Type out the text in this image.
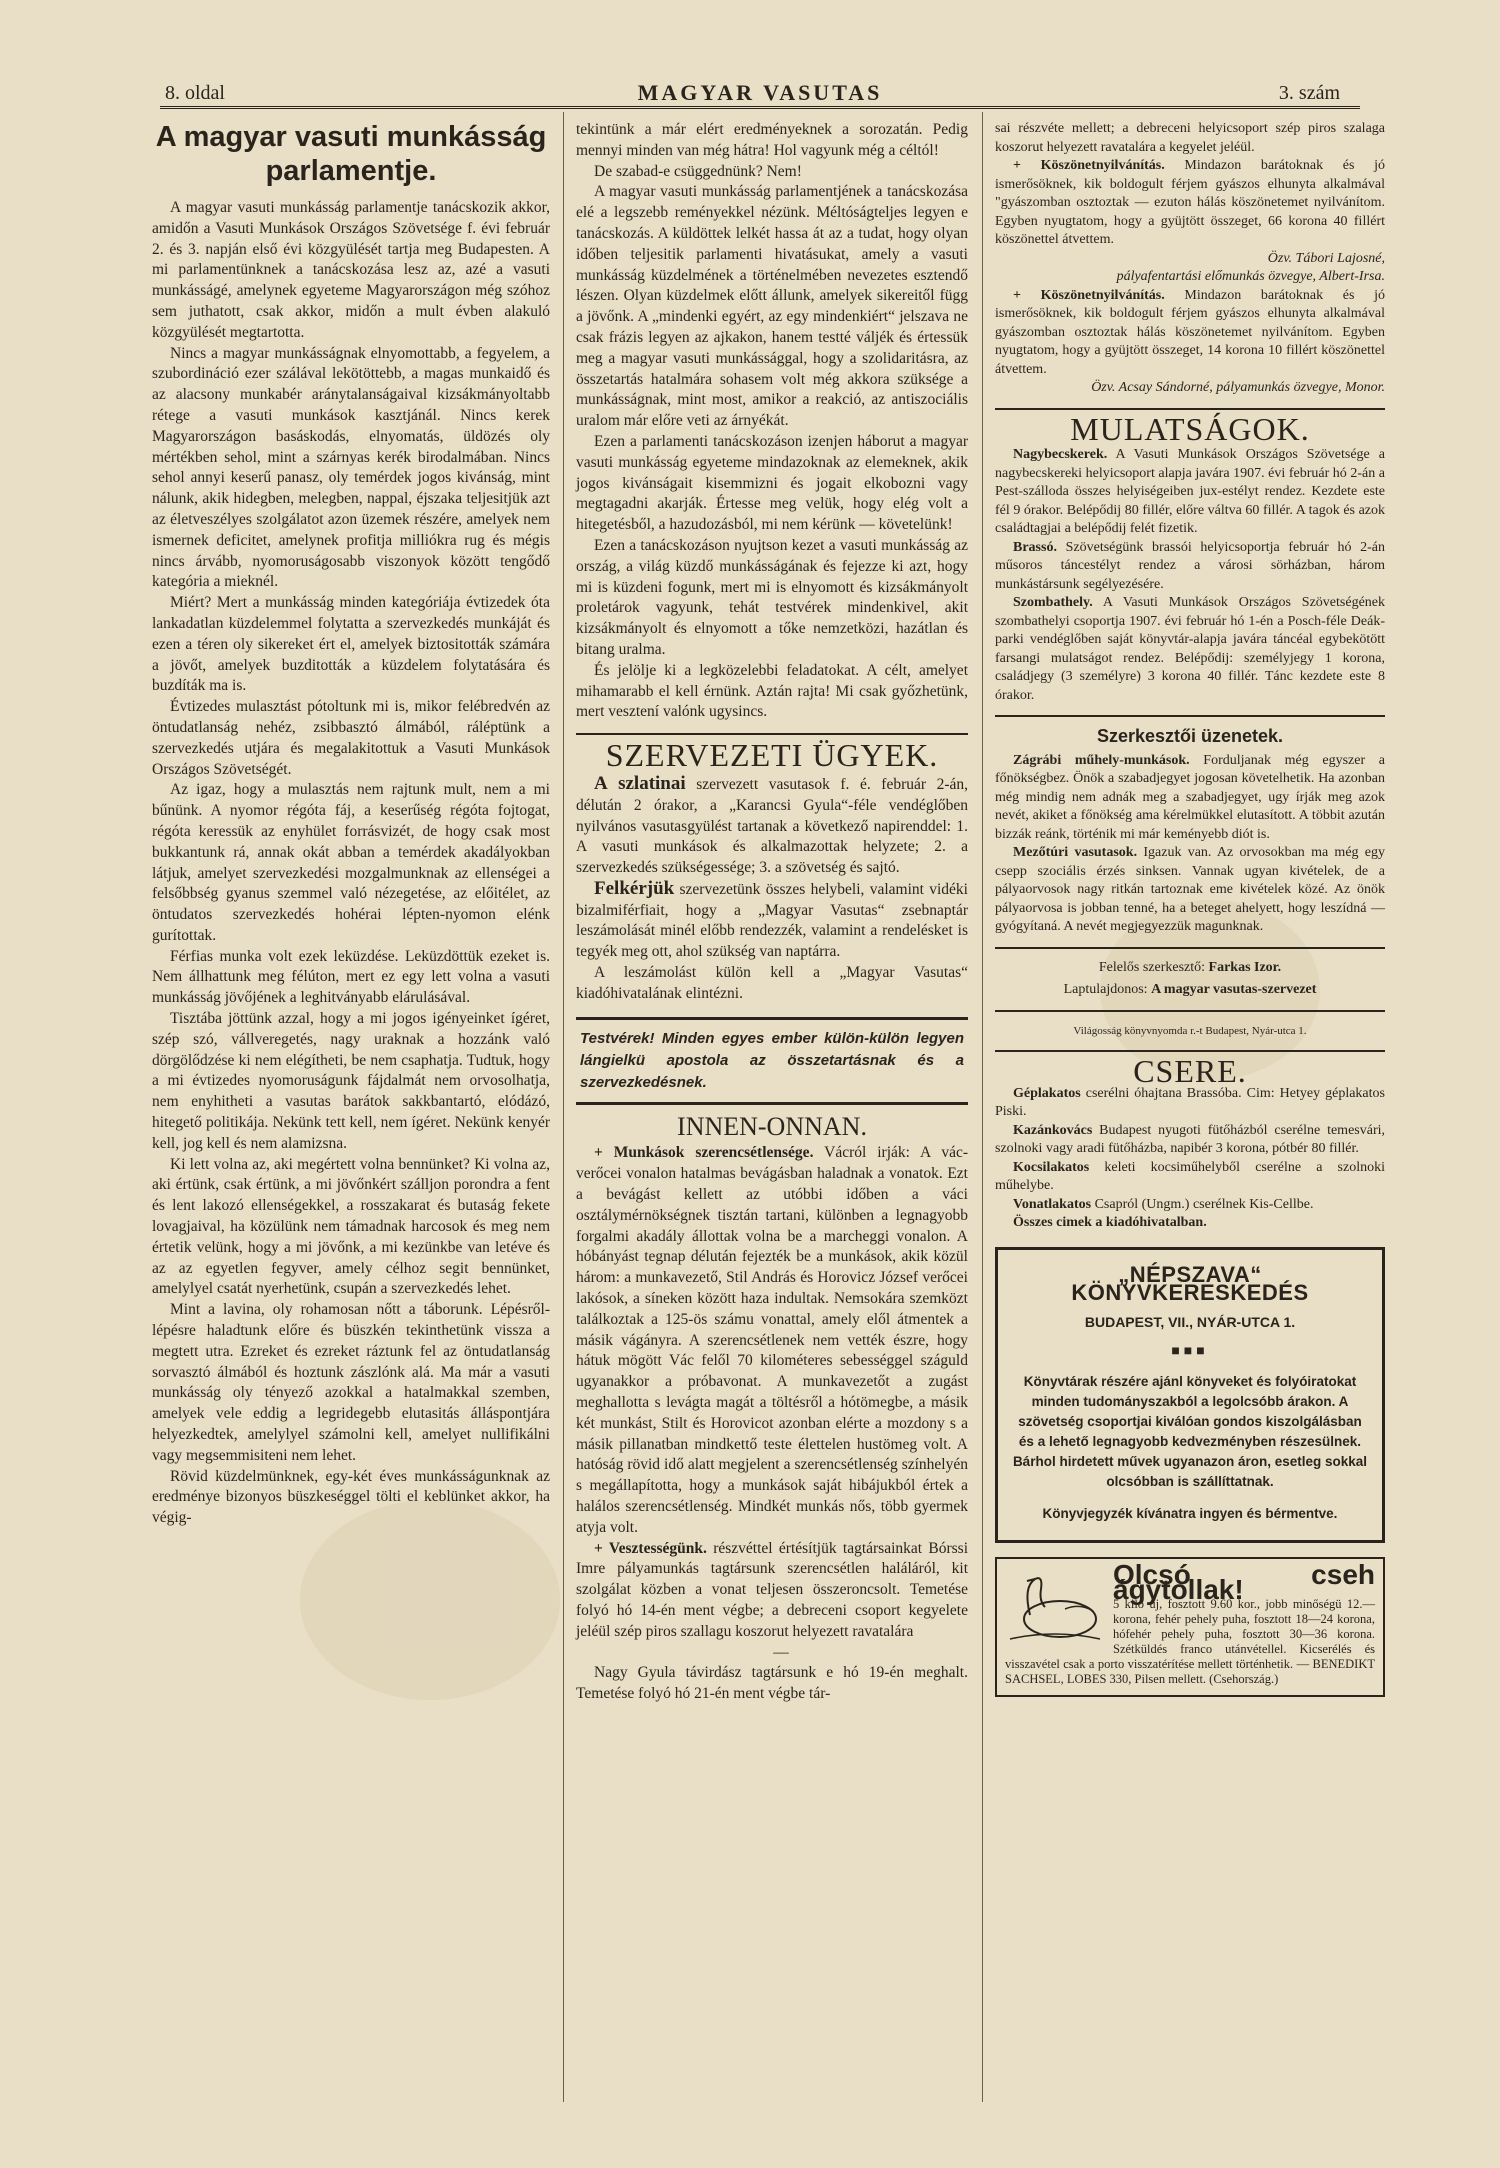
8. oldal	MAGYAR VASUTAS	3. szám
A magyar vasuti munkásság parlamentje.

A magyar vasuti munkásság parlamentje tanácskozik akkor, amidőn a Vasuti Munkások Országos Szövetsége f. évi február 2. és 3. napján első évi közgyülését tartja meg Budapesten. A mi parlamentünknek a tanácskozása lesz az, azé a vasuti munkásságé, amelynek egyeteme Magyarországon még szóhoz sem juthatott, csak akkor, midőn a mult évben alakuló közgyülését megtartotta.

Nincs a magyar munkásságnak elnyomottabb, a fegyelem, a szubordináció ezer szálával lekötöttebb, a magas munkaidő és az alacsony munkabér aránytalanságaival kizsákmányoltabb rétege a vasuti munkások kasztjánál. Nincs kerek Magyarországon basáskodás, elnyomatás, üldözés oly mértékben sehol, mint a szárnyas kerék birodalmában. Nincs sehol annyi keserű panasz, oly temérdek jogos kivánság, mint nálunk, akik hidegben, melegben, nappal, éjszaka teljesitjük azt az életveszélyes szolgálatot azon üzemek részére, amelyek nem ismernek deficitet, amelynek profitja milliókra rug és mégis nincs árvább, nyomoruságosabb viszonyok között tengődő kategória a mieknél.

Miért? Mert a munkásság minden kategóriája évtizedek óta lankadatlan küzdelemmel folytatta a szervezkedés munkáját és ezen a téren oly sikereket ért el, amelyek biztositották számára a jövőt, amelyek buzditották a küzdelem folytatására és buzdíták ma is.

Évtizedes mulasztást pótoltunk mi is, mikor felébredvén az öntudatlanság nehéz, zsibbasztó álmából, ráléptünk a szervezkedés utjára és megalakitottuk a Vasuti Munkások Országos Szövetségét.

Az igaz, hogy a mulasztás nem rajtunk mult, nem a mi bűnünk. A nyomor régóta fáj, a keserűség régóta fojtogat, régóta keressük az enyhület forrásvizét, de hogy csak most bukkantunk rá, annak okát abban a temérdek akadályokban látjuk, amelyet szervezkedési mozgalmunknak az ellenségei a felsőbbség gyanus szemmel való nézegetése, az előitélet, az öntudatos szervezkedés hohérai lépten-nyomon elénk gurítottak.

Férfias munka volt ezek leküzdése. Leküzdöttük ezeket is. Nem állhattunk meg félúton, mert ez egy lett volna a vasuti munkásság jövőjének a leghitványabb elárulásával.

Tisztába jöttünk azzal, hogy a mi jogos igényeinket ígéret, szép szó, vállveregetés, nagy uraknak a hozzánk való dörgölődzése ki nem elégítheti, be nem csaphatja. Tudtuk, hogy a mi évtizedes nyomoruságunk fájdalmát nem orvosolhatja, nem enyhitheti a vasutas barátok sakkbantartó, elódázó, hitegető politikája. Nekünk tett kell, nem ígéret. Nekünk kenyér kell, jog kell és nem alamizsna.

Ki lett volna az, aki megértett volna bennünket? Ki volna az, aki értünk, csak értünk, a mi jövőnkért szálljon porondra a fent és lent lakozó ellenségekkel, a rosszakarat és butaság fekete lovagjaival, ha közülünk nem támadnak harcosok és meg nem értetik velünk, hogy a mi jövőnk, a mi kezünkbe van letéve és az az egyetlen fegyver, amely célhoz segit bennünket, amelylyel csatát nyerhetünk, csupán a szervezkedés lehet.

Mint a lavina, oly rohamosan nőtt a táborunk. Lépésről-lépésre haladtunk előre és büszkén tekinthetünk vissza a megtett utra. Ezreket és ezreket ráztunk fel az öntudatlanság sorvasztó álmából és hoztunk zászlónk alá. Ma már a vasuti munkásság oly tényező azokkal a hatalmakkal szemben, amelyek vele eddig a legridegebb elutasitás álláspontjára helyezkedtek, amelylyel számolni kell, amelyet nullifikálni vagy megsemmisiteni nem lehet.

Rövid küzdelmünknek, egy-két éves munkásságunknak az eredménye bizonyos büszkeséggel tölti el keblünket akkor, ha végig-

tekintünk a már elért eredményeknek a sorozatán. Pedig mennyi minden van még hátra! Hol vagyunk még a céltól!

De szabad-e csüggednünk? Nem!

A magyar vasuti munkásság parlamentjének a tanácskozása elé a legszebb reményekkel nézünk. Méltóságteljes legyen e tanácskozás. A küldöttek lelkét hassa át az a tudat, hogy olyan időben teljesitik parlamenti hivatásukat, amely a vasuti munkásság küzdelmének a történelmében nevezetes esztendő lészen. Olyan küzdelmek előtt állunk, amelyek sikereitől függ a jövőnk. A „mindenki egyért, az egy mindenkiért“ jelszava ne csak frázis legyen az ajkakon, hanem testté váljék és értessük meg a magyar vasuti munkássággal, hogy a szolidaritásra, az összetartás hatalmára sohasem volt még akkora szüksége a munkásságnak, mint most, amikor a reakció, az antiszociális uralom már előre veti az árnyékát.

Ezen a parlamenti tanácskozáson izenjen háborut a magyar vasuti munkásság egyeteme mindazoknak az elemeknek, akik jogos kivánságait kisemmizni és jogait elkobozni vagy megtagadni akarják. Értesse meg velük, hogy elég volt a hitegetésből, a hazudozásból, mi nem kérünk — követelünk!

Ezen a tanácskozáson nyujtson kezet a vasuti munkásság az ország, a világ küzdő munkásságának és fejezze ki azt, hogy mi is küzdeni fogunk, mert mi is elnyomott és kizsákmányolt proletárok vagyunk, tehát testvérek mindenkivel, akit kizsákmányolt és elnyomott a tőke nemzetközi, hazátlan és bitang uralma.

És jelölje ki a legközelebbi feladatokat. A célt, amelyet mihamarabb el kell érnünk. Aztán rajta! Mi csak győzhetünk, mert vesztení valónk ugysincs.

SZERVEZETI ÜGYEK.

A szlatinai szervezett vasutasok f. é. február 2-án, délután 2 órakor, a „Karancsi Gyula“-féle vendéglőben nyilvános vasutasgyülést tartanak a következő napirenddel: 1. A vasuti munkások és alkalmazottak helyzete; 2. a szervezkedés szükségessége; 3. a szövetség és sajtó.

Felkérjük szervezetünk összes helybeli, valamint vidéki bizalmiférfiait, hogy a „Magyar Vasutas“ zsebnaptár leszámolását minél előbb rendezzék, valamint a rendelésket is tegyék meg ott, ahol szükség van naptárra.

A leszámolást külön kell a „Magyar Vasutas“ kiadóhivatalának elintézni.

Testvérek! Minden egyes ember külön-külön legyen lángielkü apostola az összetartásnak és a szervezkedésnek.
INNEN-ONNAN.

+ Munkások szerencsétlensége. Vácról irják: A vác-verőcei vonalon hatalmas bevágásban haladnak a vonatok. Ezt a bevágást kellett az utóbbi időben a váci osztálymérnökségnek tisztán tartani, különben a legnagyobb forgalmi akadály állottak volna be a marcheggi vonalon. A hóbányást tegnap délután fejezték be a munkások, akik közül három: a munkavezető, Stil András és Horovicz József verőcei lakósok, a síneken között haza indultak. Nemsokára szemközt találkoztak a 125-ös számu vonattal, amely elől átmentek a másik vágányra. A szerencsétlenek nem vették észre, hogy hátuk mögött Vác felől 70 kilométeres sebességgel száguld ugyanakkor a próbavonat. A munkavezetőt a zugást meghallotta s levágta magát a töltésről a hótömegbe, a másik két munkást, Stilt és Horovicot azonban elérte a mozdony s a másik pillanatban mindkettő teste élettelen hustömeg volt. A hatóság rövid idő alatt megjelent a szerencsétlenség színhelyén s megállapította, hogy a munkások saját hibájukból értek a halálos szerencsétlenség. Mindkét munkás nős, több gyermek atyja volt.

+ Vesztességünk. részvéttel értésítjük tagtársainkat Bórssi Imre pályamunkás tagtársunk szerencsétlen haláláról, kit szolgálat közben a vonat teljesen összeroncsolt. Temetése folyó hó 14-én ment végbe; a debreceni csoport kegyelete jeléül szép piros szallagu koszorut helyezett ravatalára

—

Nagy Gyula távirdász tagtársunk e hó 19-én meghalt. Temetése folyó hó 21-én ment végbe tár-

sai részvéte mellett; a debreceni helyicsoport szép piros szalaga koszorut helyezett ravatalára a kegyelet jeléül.

+ Köszönetnyilvánítás. Mindazon barátoknak és jó ismerősöknek, kik boldogult férjem gyászos elhunyta alkalmával "gyászomban osztoztak — ezuton hálás köszönetemet nyilvánítom. Egyben nyugtatom, hogy a gyüjtött összeget, 66 korona 40 fillért köszönettel átvettem.

Özv. Tábori Lajosné,
pályafentartási előmunkás özvegye, Albert-Irsa.

+ Köszönetnyilvánítás. Mindazon barátoknak és jó ismerősöknek, kik boldogult férjem gyászos elhunyta alkalmával gyászomban osztoztak hálás köszönetemet nyilvánítom. Egyben nyugtatom, hogy a gyüjtött összeget, 14 korona 10 fillért köszönettel átvettem.

Özv. Acsay Sándorné, pályamunkás özvegye, Monor.
MULATSÁGOK.

Nagybecskerek. A Vasuti Munkások Országos Szövetsége a nagybecskereki helyicsoport alapja javára 1907. évi február hó 2-án a Pest-szálloda összes helyiségeiben jux-estélyt rendez. Kezdete este fél 9 órakor. Belépődij 80 fillér, előre váltva 60 fillér. A tagok és azok családtagjai a belépődij felét fizetik.

Brassó. Szövetségünk brassói helyicsoportja február hó 2-án műsoros táncestélyt rendez a városi sörházban, három munkástársunk segélyezésére.

Szombathely. A Vasuti Munkások Országos Szövetségének szombathelyi csoportja 1907. évi február hó 1-én a Posch-féle Deák-parki vendéglőben saját könyvtár-alapja javára táncéal egybekötött farsangi mulatságot rendez. Belépődij: személyjegy 1 korona, családjegy (3 személyre) 3 korona 40 fillér. Tánc kezdete este 8 órakor.

Szerkesztői üzenetek.

Zágrábi műhely-munkások. Forduljanak még egyszer a főnökségbez. Önök a szabadjegyet jogosan követelhetik. Ha azonban még mindig nem adnák meg a szabadjegyet, ugy írják meg azok nevét, akiket a főnökség ama kérelmükkel elutasított. A többit azután bizzák reánk, történik mi már keményebb diót is.

Mezőtúri vasutasok. Igazuk van. Az orvosokban ma még egy csepp szociális érzés sinksen. Vannak ugyan kivételek, de a pályaorvosok nagy ritkán tartoznak eme kivételek közé. Az önök pályaorvosa is jobban tenné, ha a beteget ahelyett, hogy leszídná — gyógyítaná. A nevét megjegyezzük magunknak.

Felelős szerkesztő: Farkas Izor.
Laptulajdonos: A magyar vasutas-szervezet
Világosság könyvnyomda r.-t Budapest, Nyár-utca 1.
CSERE.

Géplakatos cserélni óhajtana Brassóba. Cim: Hetyey géplakatos Piski.

Kazánkovács Budapest nyugoti fütőházból cserélne temesvári, szolnoki vagy aradi fütőházba, napibér 3 korona, pótbér 80 fillér.

Kocsilakatos keleti kocsiműhelyből cserélne a szolnoki műhelybe.

Vonatlakatos Csapról (Ungm.) cserélnek Kis-Cellbe.

Összes cimek a kiadóhivatalban.

„NÉPSZAVA“ KÖNYVKERESKEDÉS
BUDAPEST, VII., NYÁR-UTCA 1.
■■■
Könyvtárak részére ajánl könyveket és folyóiratokat minden tudományszakból a legolcsóbb árakon. A szövetség csoportjai kiválóan gondos kiszolgálásban és a lehető legnagyobb kedvezményben részesülnek. Bárhol hirdetett művek ugyanazon áron, esetleg sokkal olcsóbban is szállíttatnak.
Könyvjegyzék kívánatra ingyen és bérmentve.
Olcsó cseh ágytollak!
5 kiló uj, fosztott 9.60 kor., jobb minőségü 12.— korona, fehér pehely puha, fosztott 18—24 korona, hófehér pehely puha, fosztott 30—36 korona. Szétküldés franco utánvétellel. Kicserélés és visszavétel csak a porto visszatérítése mellett történhetik. — BENEDIKT SACHSEL, LOBES 330, Pilsen mellett. (Csehország.)
